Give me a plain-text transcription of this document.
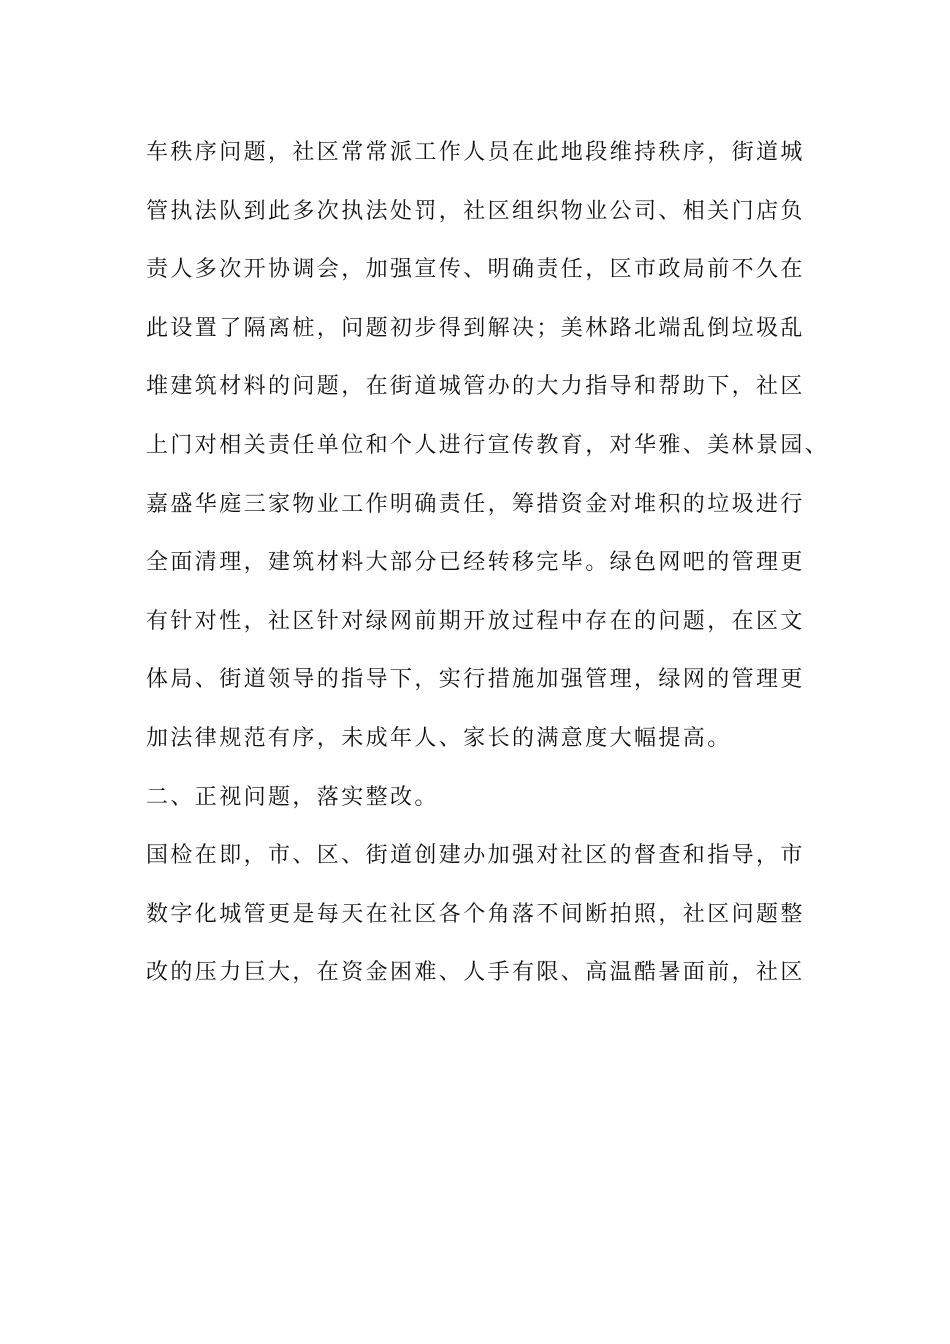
车秩序问题，社区常常派工作人员在此地段维持秩序，街道城
管执法队到此多次执法处罚，社区组织物业公司、相关门店负
责人多次开协调会，加强宣传、明确责任，区市政局前不久在
此设置了隔离桩，问题初步得到解决；美林路北端乱倒垃圾乱
堆建筑材料的问题，在街道城管办的大力指导和帮助下，社区
上门对相关责任单位和个人进行宣传教育，对华雅、美林景园、
嘉盛华庭三家物业工作明确责任，筹措资金对堆积的垃圾进行
全面清理，建筑材料大部分已经转移完毕。绿色网吧的管理更
有针对性，社区针对绿网前期开放过程中存在的问题，在区文
体局、街道领导的指导下，实行措施加强管理，绿网的管理更
加法律规范有序，未成年人、家长的满意度大幅提高。
二、正视问题，落实整改。
国检在即，市、区、街道创建办加强对社区的督查和指导，市
数字化城管更是每天在社区各个角落不间断拍照，社区问题整
改的压力巨大，在资金困难、人手有限、高温酷暑面前，社区
